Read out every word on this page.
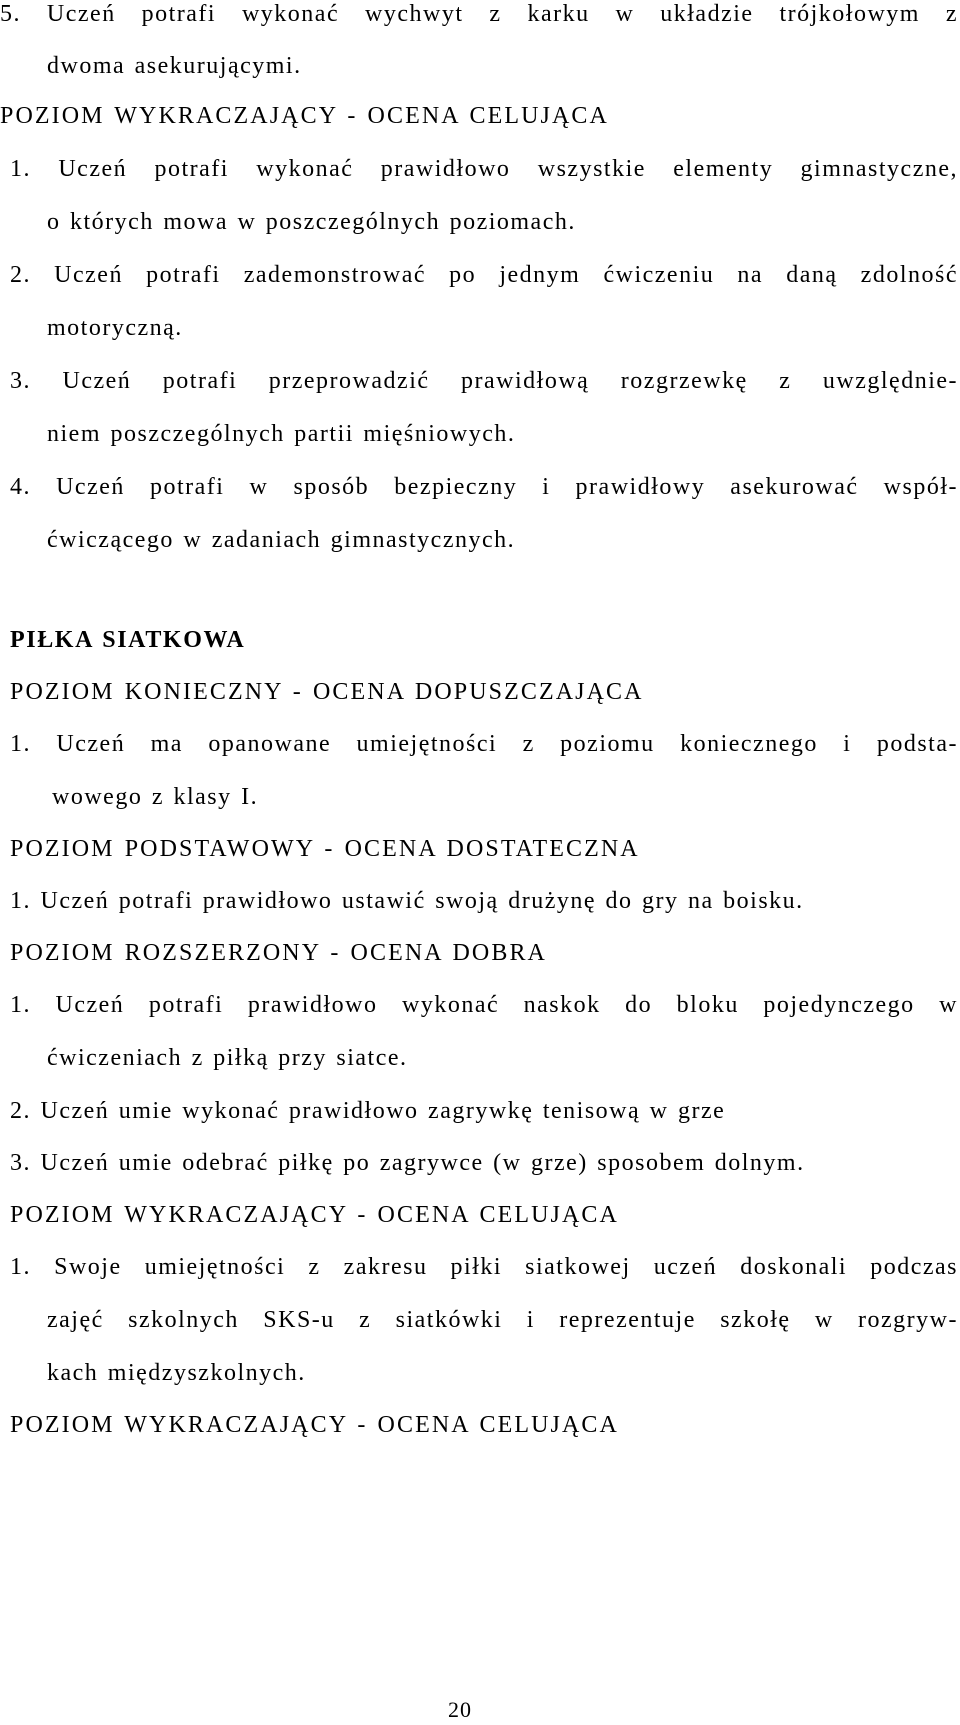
5. Uczeń potrafi wykonać wychwyt z karku w układzie trójkołowym z
dwoma asekurującymi.
POZIOM WYKRACZAJĄCY - OCENA CELUJĄCA
1. Uczeń potrafi wykonać prawidłowo wszystkie elementy gimnastyczne,
o których mowa w poszczególnych poziomach.
2. Uczeń potrafi zademonstrować po jednym ćwiczeniu na daną zdolność
motoryczną.
3. Uczeń potrafi przeprowadzić prawidłową rozgrzewkę z uwzględnie-
niem poszczególnych partii mięśniowych.
4. Uczeń potrafi w sposób bezpieczny i prawidłowy asekurować współ-
ćwiczącego w zadaniach gimnastycznych.
PIŁKA SIATKOWA
POZIOM KONIECZNY - OCENA DOPUSZCZAJĄCA
1. Uczeń ma opanowane umiejętności z poziomu koniecznego i podsta-
wowego z klasy I.
POZIOM PODSTAWOWY - OCENA DOSTATECZNA
1. Uczeń potrafi prawidłowo ustawić swoją drużynę do gry na boisku.
POZIOM ROZSZERZONY - OCENA DOBRA
1. Uczeń potrafi prawidłowo wykonać naskok do bloku pojedynczego w
ćwiczeniach z piłką przy siatce.
2. Uczeń umie wykonać prawidłowo zagrywkę tenisową w grze
3. Uczeń umie odebrać piłkę po zagrywce (w grze) sposobem dolnym.
POZIOM WYKRACZAJĄCY - OCENA CELUJĄCA
1. Swoje umiejętności z zakresu piłki siatkowej uczeń doskonali podczas
zajęć szkolnych SKS-u z siatkówki i reprezentuje szkołę w rozgryw-
kach międzyszkolnych.
POZIOM WYKRACZAJĄCY - OCENA CELUJĄCA
20
